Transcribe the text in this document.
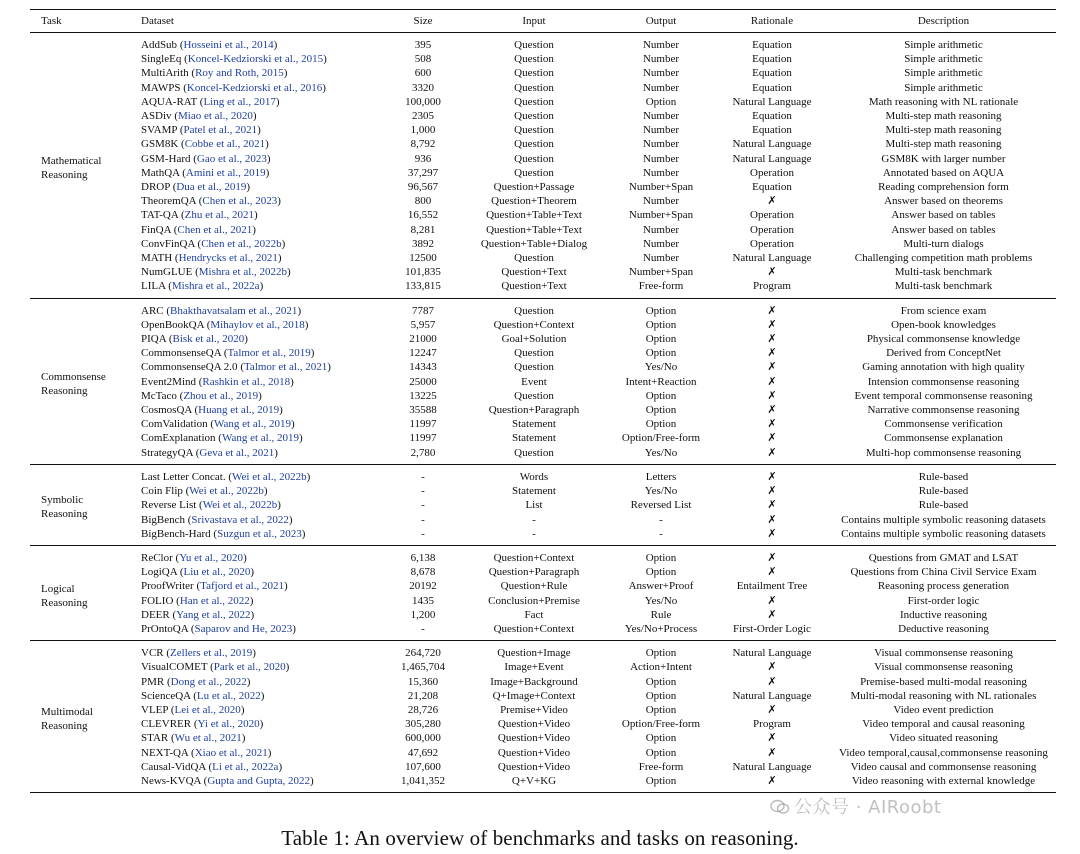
Task	Dataset	Size	Input	Output	Rationale	Description

Mathematical
Reasoning	AddSub (Hosseini et al., 2014)	395	Question	Number	Equation	Simple arithmetic
	SingleEq (Koncel-Kedziorski et al., 2015)	508	Question	Number	Equation	Simple arithmetic
	MultiArith (Roy and Roth, 2015)	600	Question	Number	Equation	Simple arithmetic
	MAWPS (Koncel-Kedziorski et al., 2016)	3320	Question	Number	Equation	Simple arithmetic
	AQUA-RAT (Ling et al., 2017)	100,000	Question	Option	Natural Language	Math reasoning with NL rationale
	ASDiv (Miao et al., 2020)	2305	Question	Number	Equation	Multi-step math reasoning
	SVAMP (Patel et al., 2021)	1,000	Question	Number	Equation	Multi-step math reasoning
	GSM8K (Cobbe et al., 2021)	8,792	Question	Number	Natural Language	Multi-step math reasoning
	GSM-Hard (Gao et al., 2023)	936	Question	Number	Natural Language	GSM8K with larger number
	MathQA (Amini et al., 2019)	37,297	Question	Number	Operation	Annotated based on AQUA
	DROP (Dua et al., 2019)	96,567	Question+Passage	Number+Span	Equation	Reading comprehension form
	TheoremQA (Chen et al., 2023)	800	Question+Theorem	Number	✗	Answer based on theorems
	TAT-QA (Zhu et al., 2021)	16,552	Question+Table+Text	Number+Span	Operation	Answer based on tables
	FinQA (Chen et al., 2021)	8,281	Question+Table+Text	Number	Operation	Answer based on tables
	ConvFinQA (Chen et al., 2022b)	3892	Question+Table+Dialog	Number	Operation	Multi-turn dialogs
	MATH (Hendrycks et al., 2021)	12500	Question	Number	Natural Language	Challenging competition math problems
	NumGLUE (Mishra et al., 2022b)	101,835	Question+Text	Number+Span	✗	Multi-task benchmark
	LILA (Mishra et al., 2022a)	133,815	Question+Text	Free-form	Program	Multi-task benchmark

Commonsense
Reasoning	ARC (Bhakthavatsalam et al., 2021)	7787	Question	Option	✗	From science exam
	OpenBookQA (Mihaylov et al., 2018)	5,957	Question+Context	Option	✗	Open-book knowledges
	PIQA (Bisk et al., 2020)	21000	Goal+Solution	Option	✗	Physical commonsense knowledge
	CommonsenseQA (Talmor et al., 2019)	12247	Question	Option	✗	Derived from ConceptNet
	CommonsenseQA 2.0 (Talmor et al., 2021)	14343	Question	Yes/No	✗	Gaming annotation with high quality
	Event2Mind (Rashkin et al., 2018)	25000	Event	Intent+Reaction	✗	Intension commonsense reasoning
	McTaco (Zhou et al., 2019)	13225	Question	Option	✗	Event temporal commonsense reasoning
	CosmosQA (Huang et al., 2019)	35588	Question+Paragraph	Option	✗	Narrative commonsense reasoning
	ComValidation (Wang et al., 2019)	11997	Statement	Option	✗	Commonsense verification
	ComExplanation (Wang et al., 2019)	11997	Statement	Option/Free-form	✗	Commonsense explanation
	StrategyQA (Geva et al., 2021)	2,780	Question	Yes/No	✗	Multi-hop commonsense reasoning

Symbolic
Reasoning	Last Letter Concat. (Wei et al., 2022b)	-	Words	Letters	✗	Rule-based
	Coin Flip (Wei et al., 2022b)	-	Statement	Yes/No	✗	Rule-based
	Reverse List (Wei et al., 2022b)	-	List	Reversed List	✗	Rule-based
	BigBench (Srivastava et al., 2022)	-	-	-	✗	Contains multiple symbolic reasoning datasets
	BigBench-Hard (Suzgun et al., 2023)	-	-	-	✗	Contains multiple symbolic reasoning datasets

Logical
Reasoning	ReClor (Yu et al., 2020)	6,138	Question+Context	Option	✗	Questions from GMAT and LSAT
	LogiQA (Liu et al., 2020)	8,678	Question+Paragraph	Option	✗	Questions from China Civil Service Exam
	ProofWriter (Tafjord et al., 2021)	20192	Question+Rule	Answer+Proof	Entailment Tree	Reasoning process generation
	FOLIO (Han et al., 2022)	1435	Conclusion+Premise	Yes/No	✗	First-order logic
	DEER (Yang et al., 2022)	1,200	Fact	Rule	✗	Inductive reasoning
	PrOntoQA (Saparov and He, 2023)	-	Question+Context	Yes/No+Process	First-Order Logic	Deductive reasoning

Multimodal
Reasoning	VCR (Zellers et al., 2019)	264,720	Question+Image	Option	Natural Language	Visual commonsense reasoning
	VisualCOMET (Park et al., 2020)	1,465,704	Image+Event	Action+Intent	✗	Visual commonsense reasoning
	PMR (Dong et al., 2022)	15,360	Image+Background	Option	✗	Premise-based multi-modal reasoning
	ScienceQA (Lu et al., 2022)	21,208	Q+Image+Context	Option	Natural Language	Multi-modal reasoning with NL rationales
	VLEP (Lei et al., 2020)	28,726	Premise+Video	Option	✗	Video event prediction
	CLEVRER (Yi et al., 2020)	305,280	Question+Video	Option/Free-form	Program	Video temporal and causal reasoning
	STAR (Wu et al., 2021)	600,000	Question+Video	Option	✗	Video situated reasoning
	NEXT-QA (Xiao et al., 2021)	47,692	Question+Video	Option	✗	Video temporal,causal,commonsense reasoning
	Causal-VidQA (Li et al., 2022a)	107,600	Question+Video	Free-form	Natural Language	Video causal and commonsense reasoning
	News-KVQA (Gupta and Gupta, 2022)	1,041,352	Q+V+KG	Option	✗	Video reasoning with external knowledge
Table 1: An overview of benchmarks and tasks on reasoning.
公众号 · AIRoobt
